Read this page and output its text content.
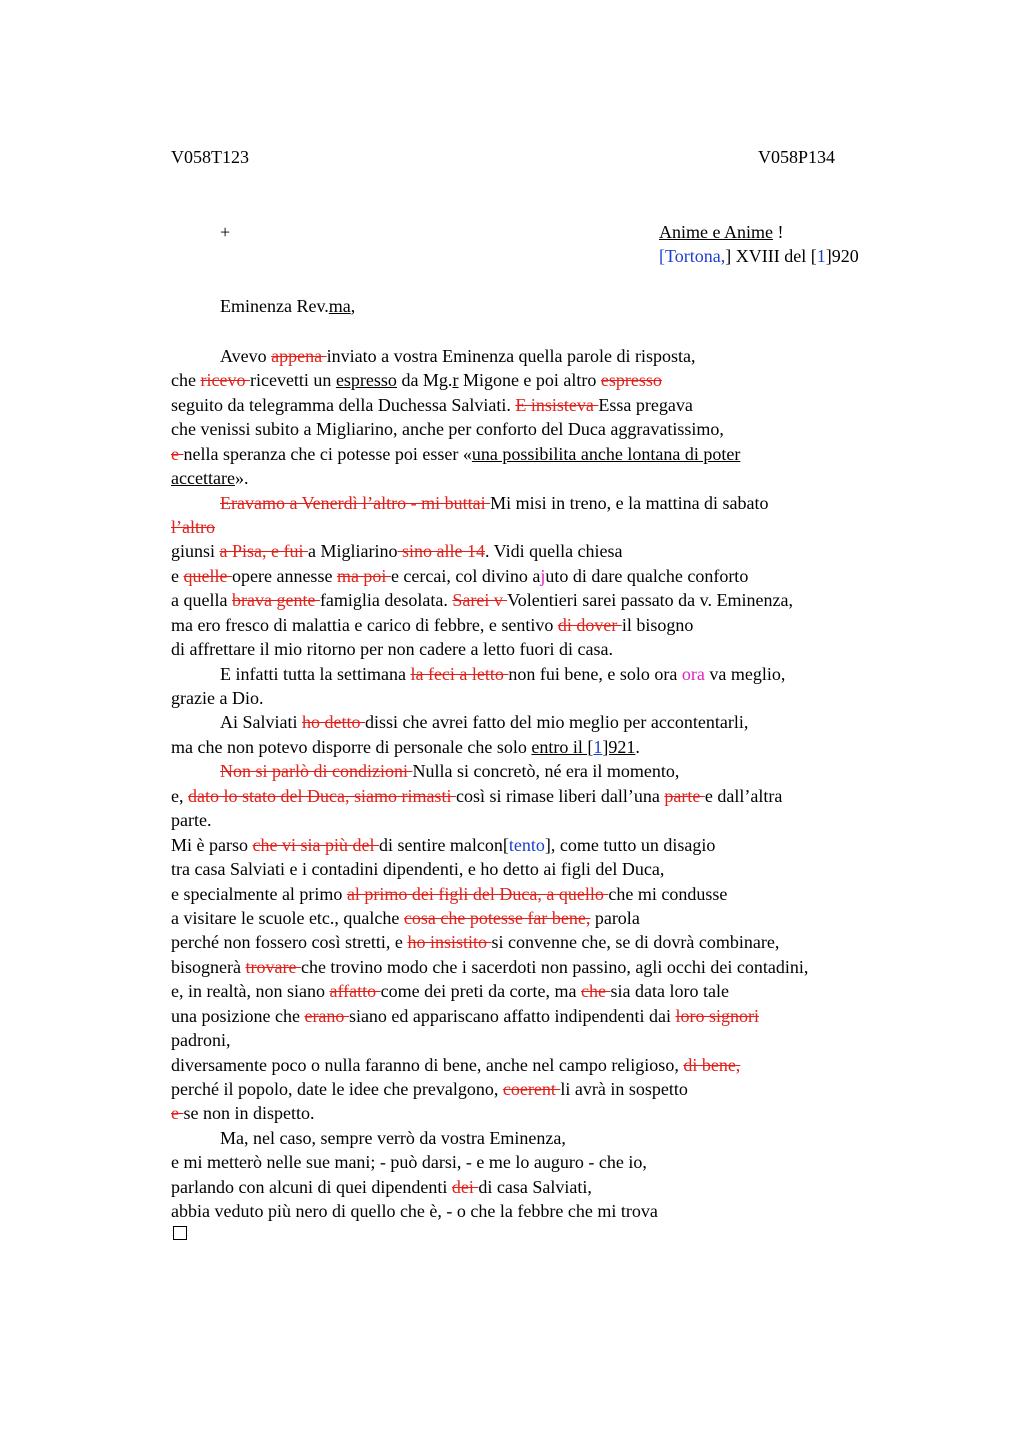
V058T123	V058P134
+	Anime e Anime !
[Tortona,] XVIII del [1]920
Eminenza Rev.ma,
Avevo appena inviato a vostra Eminenza quella parole di risposta,
che ricevo ricevetti un espresso da Mg.r Migone e poi altro espresso
seguito da telegramma della Duchessa Salviati. E insisteva Essa pregava
che venissi subito a Migliarino, anche per conforto del Duca aggravatissimo,
e nella speranza che ci potesse poi esser «una possibilita anche lontana di poter
accettare».
Eravamo a Venerdì l’altro - mi buttai Mi misi in treno, e la mattina di sabato
l’altro
giunsi a Pisa, e fui a Migliarino sino alle 14. Vidi quella chiesa
e quelle opere annesse ma poi e cercai, col divino ajuto di dare qualche conforto
a quella brava gente famiglia desolata. Sarei v Volentieri sarei passato da v. Eminenza,
ma ero fresco di malattia e carico di febbre, e sentivo di dover il bisogno
di affrettare il mio ritorno per non cadere a letto fuori di casa.
E infatti tutta la settimana la feci a letto non fui bene, e solo ora ora va meglio,
grazie a Dio.
Ai Salviati ho detto dissi che avrei fatto del mio meglio per accontentarli,
ma che non potevo disporre di personale che solo entro il [1]921.
Non si parlò di condizioni Nulla si concretò, né era il momento,
e, dato lo stato del Duca, siamo rimasti così si rimase liberi dall’una parte e dall’altra
parte.
Mi è parso che vi sia più del di sentire malcon[tento], come tutto un disagio
tra casa Salviati e i contadini dipendenti, e ho detto ai figli del Duca,
e specialmente al primo al primo dei figli del Duca, a quello che mi condusse
a visitare le scuole etc., qualche cosa che potesse far bene, parola
perché non fossero così stretti, e ho insistito si convenne che, se di dovrà combinare,
bisognerà trovare che trovino modo che i sacerdoti non passino, agli occhi dei contadini,
e, in realtà, non siano affatto come dei preti da corte, ma che sia data loro tale
una posizione che erano siano ed appariscano affatto indipendenti dai loro signori
padroni,
diversamente poco o nulla faranno di bene, anche nel campo religioso, di bene,
perché il popolo, date le idee che prevalgono, coerent li avrà in sospetto
e se non in dispetto.
Ma, nel caso, sempre verrò da vostra Eminenza,
e mi metterò nelle sue mani; - può darsi, - e me lo auguro - che io,
parlando con alcuni di quei dipendenti dei di casa Salviati,
abbia veduto più nero di quello che è, - o che la febbre che mi trova
